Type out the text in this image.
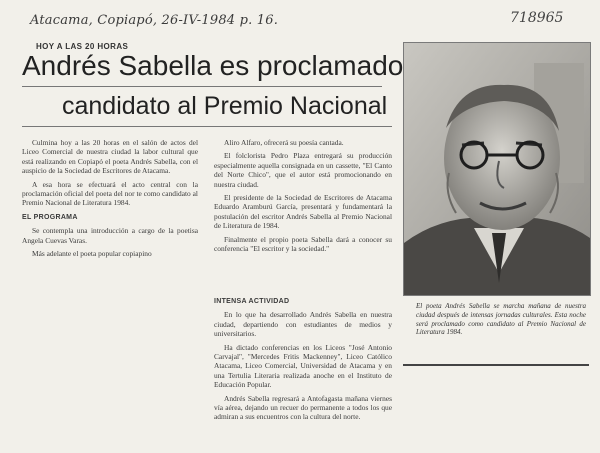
Atacama, Copiapó, 26-IV-1984 p. 16.	718965
HOY A LAS 20 HORAS
Andrés Sabella es proclamado
candidato al Premio Nacional

Culmina hoy a las 20 horas en el salón de actos del Liceo Comercial de nuestra ciudad la labor cultural que está realizando en Copiapó el poeta Andrés Sabella, con el auspicio de la Sociedad de Escritores de Atacama.

A esa hora se efectuará el acto central con la proclamación oficial del poeta del nor te como candidato al Premio Nacional de Literatura 1984.

EL PROGRAMA

Se contempla una introducción a cargo de la poetisa Angela Cuevas Varas.

Más adelante el poeta popular copiapino

Aliro Alfaro, ofrecerá su poesía cantada.

El folclorista Pedro Plaza entregará su producción especialmente aquella consignada en un cassette, "El Canto del Norte Chico", que el autor está promocionando en nuestra ciudad.

El presidente de la Sociedad de Escritores de Atacama Eduardo Aramburú García, presentará y fundamentará la postulación del escritor Andrés Sabella al Premio Nacional de Literatura de 1984.

Finalmente el propio poeta Sabella dará a conocer su conferencia "El escritor y la sociedad."

INTENSA ACTIVIDAD

En lo que ha desarrollado Andrés Sabella en nuestra ciudad, departiendo con estudiantes de medios y universitarios.

Ha dictado conferencias en los Liceos "José Antonio Carvajal", "Mercedes Fritis Mackenney", Liceo Católico Atacama, Liceo Comercial, Universidad de Atacama y en una Tertulia Literaria realizada anoche en el Instituto de Educación Popular.

Andrés Sabella regresará a Antofagasta mañana viernes vía aérea, dejando un recuer do permanente a todos los que admiran a sus encuentros con la cultura del norte.

El poeta Andrés Sabella se marcha mañana de nuestra ciudad después de intensas jornadas culturales. Esta noche será proclamado como candidato al Premio Nacional de Literatura 1984.
